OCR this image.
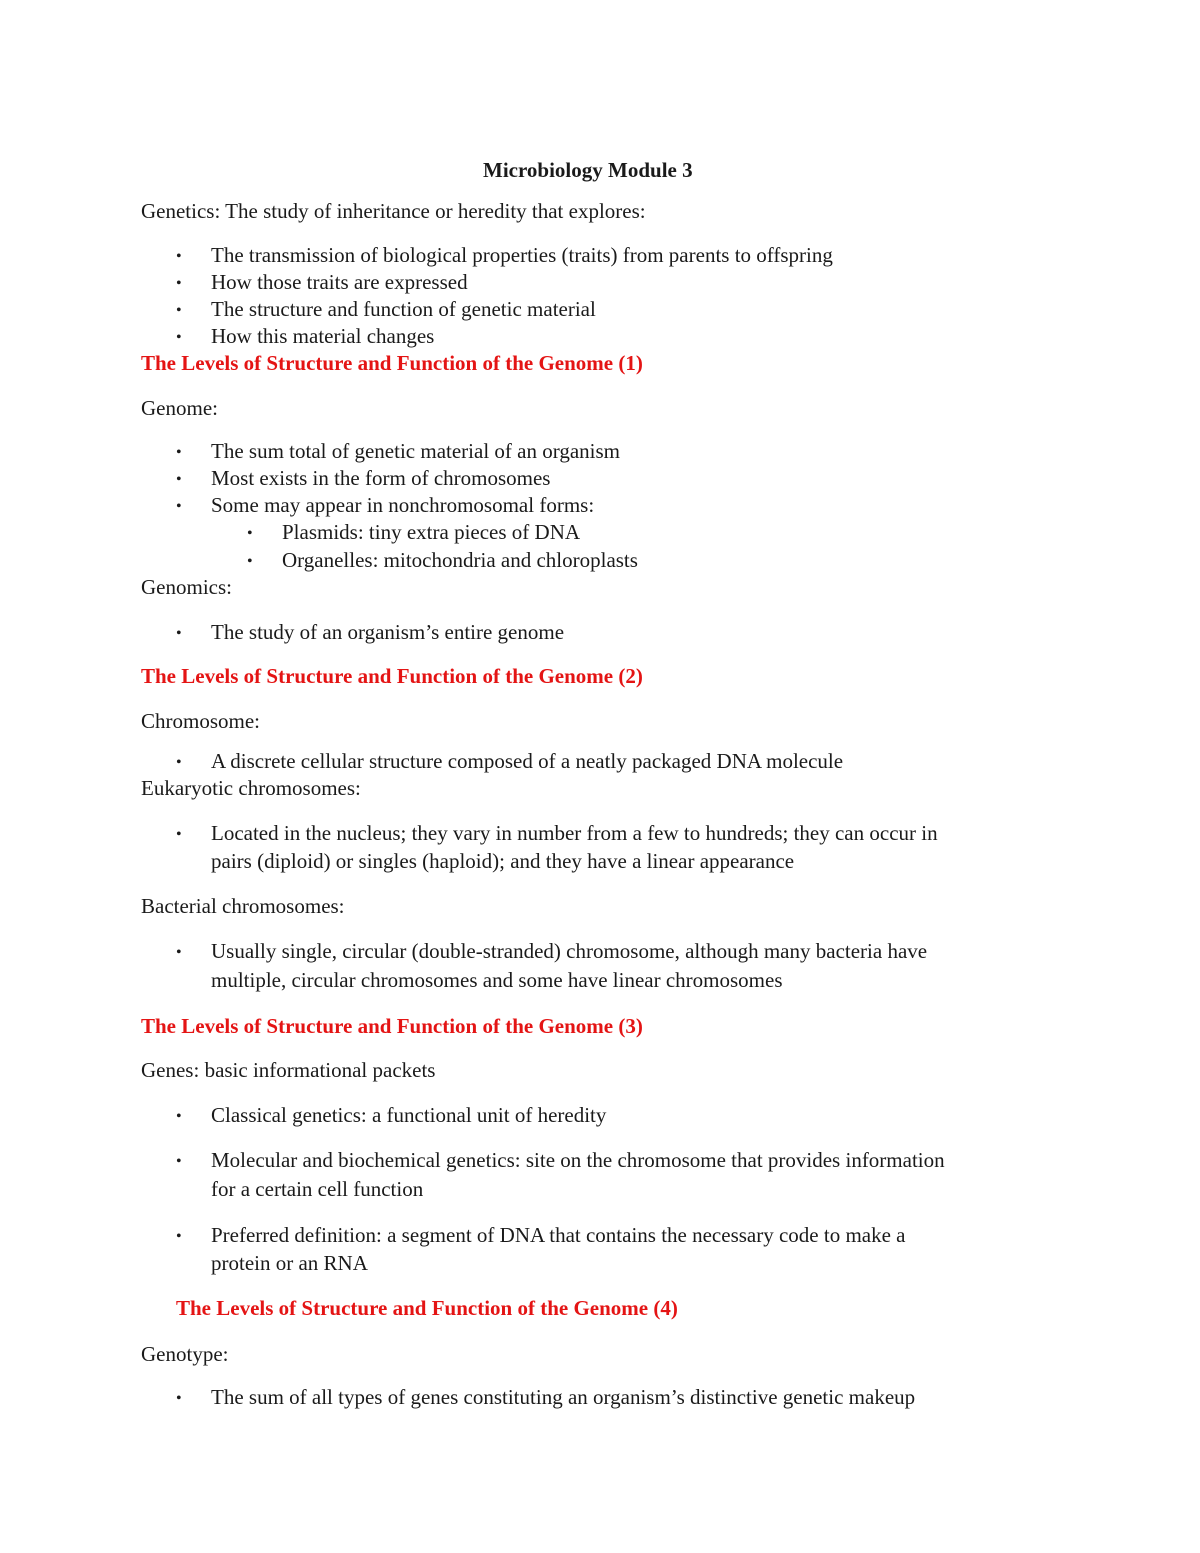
Microbiology Module 3
Genetics: The study of inheritance or heredity that explores:
• The transmission of biological properties (traits) from parents to offspring
• How those traits are expressed
• The structure and function of genetic material
• How this material changes
The Levels of Structure and Function of the Genome (1)
Genome:
• The sum total of genetic material of an organism
• Most exists in the form of chromosomes
• Some may appear in nonchromosomal forms:
• Plasmids: tiny extra pieces of DNA
• Organelles: mitochondria and chloroplasts
Genomics:
• The study of an organism’s entire genome
The Levels of Structure and Function of the Genome (2)
Chromosome:
• A discrete cellular structure composed of a neatly packaged DNA molecule
Eukaryotic chromosomes:
• Located in the nucleus; they vary in number from a few to hundreds; they can occur in
pairs (diploid) or singles (haploid); and they have a linear appearance
Bacterial chromosomes:
• Usually single, circular (double-stranded) chromosome, although many bacteria have
multiple, circular chromosomes and some have linear chromosomes
The Levels of Structure and Function of the Genome (3)
Genes: basic informational packets
• Classical genetics: a functional unit of heredity
• Molecular and biochemical genetics: site on the chromosome that provides information
for a certain cell function
• Preferred definition: a segment of DNA that contains the necessary code to make a
protein or an RNA
The Levels of Structure and Function of the Genome (4)
Genotype:
• The sum of all types of genes constituting an organism’s distinctive genetic makeup
